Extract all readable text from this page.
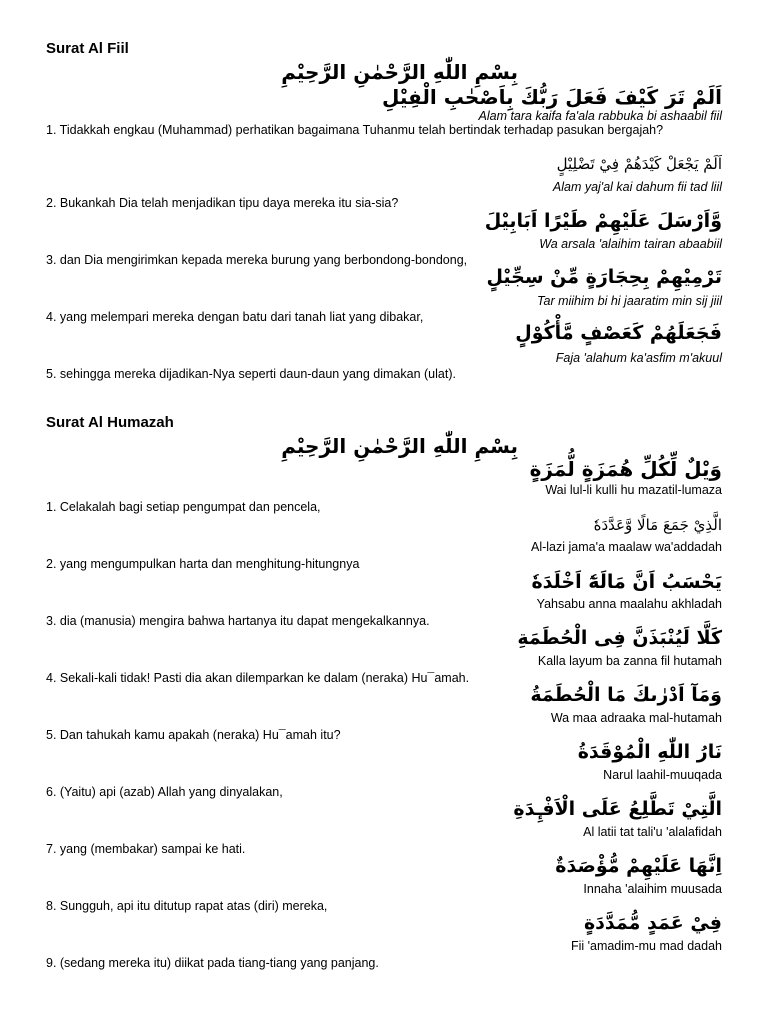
Surat Al Fiil
بِسْمِ اللّٰهِ الرَّحْمٰنِ الرَّحِيْمِ
اَلَمْ تَرَ كَيْفَ فَعَلَ رَبُّكَ بِاَصْحٰبِ الْفِيْلِ
Alam tara kaifa fa'ala rabbuka bi ashaabil fiil
1. Tidakkah engkau (Muhammad) perhatikan bagaimana Tuhanmu telah bertindak terhadap pasukan bergajah?
اَلَمْ يَجْعَلْ كَيْدَهُمْ فِيْ تَضْلِيْلٍ
Alam yaj'al kai dahum fii tad liil
2. Bukankah Dia telah menjadikan tipu daya mereka itu sia-sia?
وَّاَرْسَلَ عَلَيْهِمْ طَيْرًا اَبَابِيْلَ
Wa arsala 'alaihim tairan abaabiil
3. dan Dia mengirimkan kepada mereka burung yang berbondong-bondong,
تَرْمِيْهِمْ بِحِجَارَةٍ مِّنْ سِجِّيْلٍ
Tar miihim bi hi jaaratim min sij jiil
4. yang melempari mereka dengan batu dari tanah liat yang dibakar,
فَجَعَلَهُمْ كَعَصْفٍ مَّأْكُوْلٍ
Faja 'alahum ka'asfim m'akuul
5. sehingga mereka dijadikan-Nya seperti daun-daun yang dimakan (ulat).
Surat Al Humazah
بِسْمِ اللّٰهِ الرَّحْمٰنِ الرَّحِيْمِ
وَيْلٌ لِّكُلِّ هُمَزَةٍ لُّمَزَةٍ
Wai lul-li kulli hu mazatil-lumaza
1. Celakalah bagi setiap pengumpat dan pencela,
الَّذِيْ جَمَعَ مَالًا وَّعَدَّدَهٗ
Al-lazi jama'a maalaw wa'addadah
2. yang mengumpulkan harta dan menghitung-hitungnya
يَحْسَبُ اَنَّ مَالَهٗٓ اَخْلَدَهٗ
Yahsabu anna maalahu akhladah
3. dia (manusia) mengira bahwa hartanya itu dapat mengekalkannya.
كَلَّا لَيُنْبَذَنَّ فِى الْحُطَمَةِ
Kalla layum ba zanna fil hutamah
4. Sekali-kali tidak! Pasti dia akan dilemparkan ke dalam (neraka) Hu¯amah.
وَمَآ اَدْرٰىكَ مَا الْحُطَمَةُ
Wa maa adraaka mal-hutamah
5. Dan tahukah kamu apakah (neraka) Hu¯amah itu?
نَارُ اللّٰهِ الْمُوْقَدَةُ
Narul laahil-muuqada
6. (Yaitu) api (azab) Allah yang dinyalakan,
الَّتِيْ تَطَّلِعُ عَلَى الْاَفْـِٕدَةِ
Al latii tat tali'u 'alalafidah
7. yang (membakar) sampai ke hati.
اِنَّهَا عَلَيْهِمْ مُّؤْصَدَةٌ
Innaha 'alaihim muusada
8. Sungguh, api itu ditutup rapat atas (diri) mereka,
فِيْ عَمَدٍ مُّمَدَّدَةٍ
Fii 'amadim-mu mad dadah
9. (sedang mereka itu) diikat pada tiang-tiang yang panjang.
